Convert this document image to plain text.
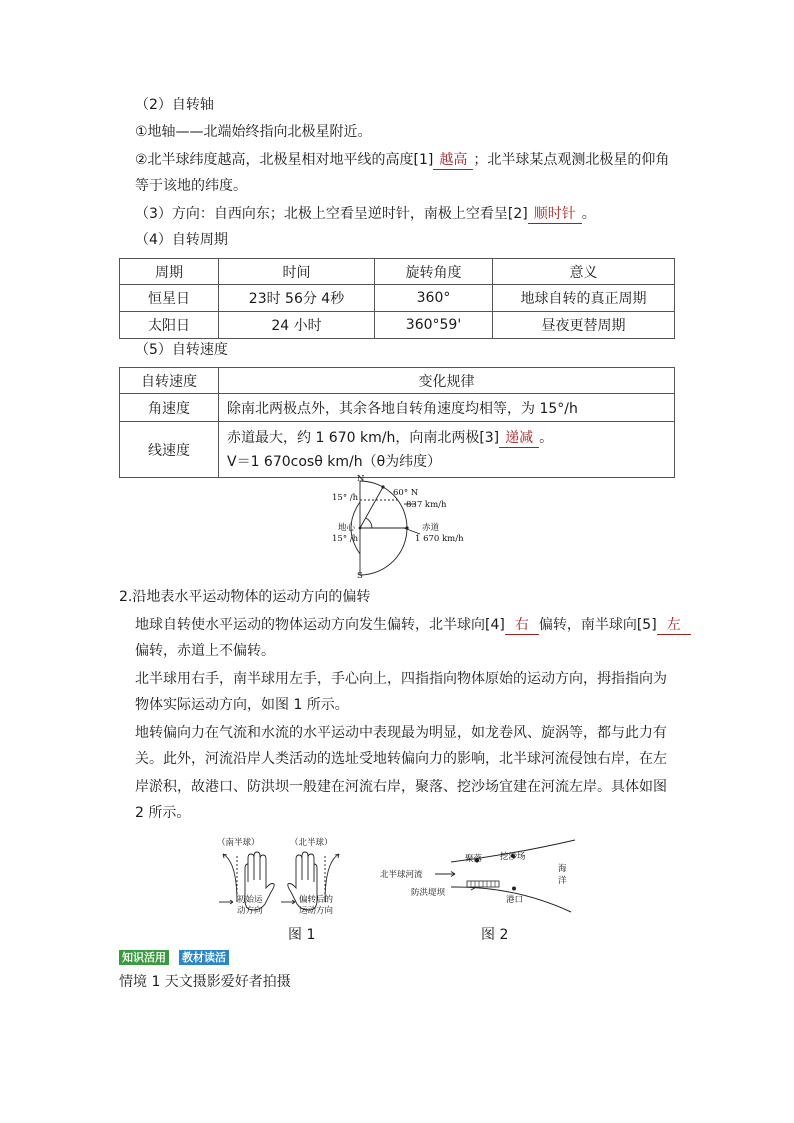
（2）自转轴
①地轴——北端始终指向北极星附近。
②北半球纬度越高，北极星相对地平线的高度[1] 越高 ；北半球某点观测北极星的仰角
等于该地的纬度。
（3）方向：自西向东；北极上空看呈逆时针，南极上空看呈[2] 顺时针 。
（4）自转周期
周期	时间	旋转角度	意义
恒星日	23时 56分 4秒	360°	地球自转的真正周期
太阳日	24 小时	360°59'	昼夜更替周期
（5）自转速度
自转速度	变化规律
角速度	除南北两极点外，其余各地自转角速度均相等，为 15°/h
线速度	赤道最大，约 1 670 km/h，向南北两极[3] 递减 。
V＝1 670cosθ km/h（θ为纬度）
N
15° /h	60° N
837 km/h
地心
15° /h
赤道
1 670 km/h
S
2.沿地表水平运动物体的运动方向的偏转
地球自转使水平运动的物体运动方向发生偏转，北半球向[4] 右 偏转，南半球向[5] 左
偏转，赤道上不偏转。
北半球用右手，南半球用左手，手心向上，四指指向物体原始的运动方向，拇指指向为
物体实际运动方向，如图 1 所示。
地转偏向力在气流和水流的水平运动中表现最为明显，如龙卷风、旋涡等，都与此力有
关。此外，河流沿岸人类活动的选址受地转偏向力的影响，北半球河流侵蚀右岸，在左
岸淤积，故港口、防洪坝一般建在河流右岸，聚落、挖沙场宜建在河流左岸。具体如图
2 所示。
（南半球）	（北半球）
初始运
动方向
偏转后的
运动方向
图 1
聚落 挖沙场
北半球河流
防洪堤坝
港口
海
洋
图 2
知识活用 教材读活
情境 1 天文摄影爱好者拍摄
